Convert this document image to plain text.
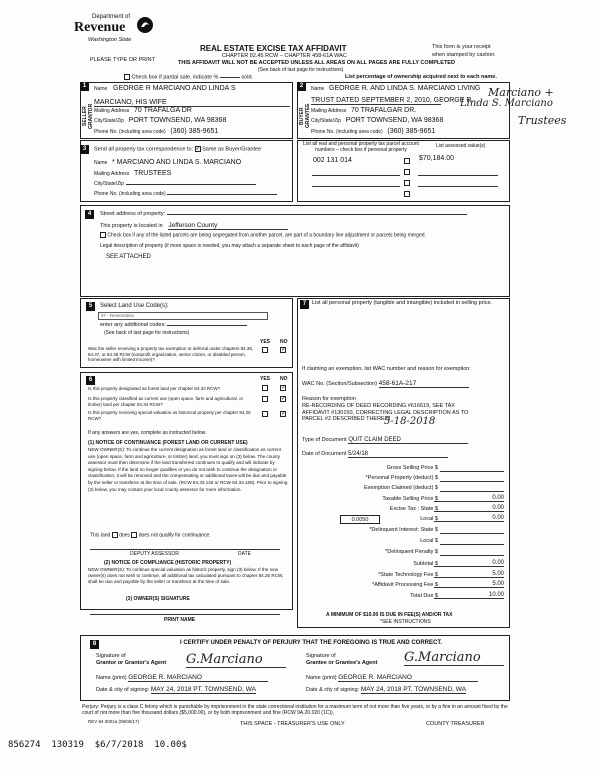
Department of
Revenue
Washington State
REAL ESTATE EXCISE TAX AFFIDAVIT
CHAPTER 82.45 RCW – CHAPTER 458-61A WAC
PLEASE TYPE OR PRINT	THIS AFFIDAVIT WILL NOT BE ACCEPTED UNLESS ALL AREAS ON ALL PAGES ARE FULLY COMPLETED
(See back of last page for instructions)
This form is your receipt
when stamped by cashier.
Check box if partial sale, indicate %	sold.	List percentage of ownership acquired next to each name.
1
SELLER GRANTOR
Name GEORGE R MARCIANO AND LINDA S
MARCIANO, HIS WIFE
Mailing Address 70 TRAFALGA DR
City/State/Zip PORT TOWNSEND, WA 98368
Phone No. (including area code) (360) 385-9651
2
BUYER GRANTEE
Name GEORGE R. AND LINDA S. MARCIANO LIVING
TRUST DATED SEPTEMBER 2, 2010, GEORGE R.
Mailing Address 70 TRAFALGAR DR.
City/State/Zip PORT TOWNSEND, WA 98368
Phone No. (including area code) (360) 385-9651
Marciano +
Linda S. Marciano
Trustees
3	Send all property tax correspondence to: ✓ Same as Buyer/Grantee
Name * MARCIANO AND LINDA S. MARCIANO
Mailing Address TRUSTEES
City/State/Zip
Phone No. (including area code)
List all real and personal property tax parcel account numbers – check box if personal property
List assessed value(s)
002 131 014	$70,184.00
4	Street address of property:
This property is located in Jefferson County
Check box if any of the listed parcels are being segregated from another parcel, are part of a boundary line adjustment or parcels being merged.
Legal description of property (if more space is needed, you may attach a separate sheet to each page of the affidavit)
SEE ATTACHED
5	Select Land Use Code(s):
97 - Reservation
enter any additional codes:
(See back of last page for instructions)
YES NO
Was the seller receiving a property tax exemption or deferral under chapters 84.36, 84.37, or 84.38 RCW (nonprofit organization, senior citizen, or disabled person, homeowner with limited income)?
✓
6	YES NO
Is this property designated as forest land per chapter 84.33 RCW?	✓
Is this property classified as current use (open space, farm and agricultural, or timber) land per chapter 84.34 RCW?
✓
Is this property receiving special valuation as historical property per chapter 84.26 RCW?
✓
If any answers are yes, complete as instructed below.
(1) NOTICE OF CONTINUANCE (FOREST LAND OR CURRENT USE)
NEW OWNER(S): To continue the current designation as forest land or classification as current use (open space, farm and agriculture, or timber) land, you must sign on (3) below. The county assessor must then determine if the land transferred continues to qualify and will indicate by signing below. If the land no longer qualifies or you do not wish to continue the designation or classification, it will be removed and the compensating or additional taxes will be due and payable by the seller or transferor at the time of sale. (RCW 84.33.140 or RCW 84.34.108). Prior to signing (3) below, you may contact your local county assessor for more information.
This land does does not qualify for continuance.
DEPUTY ASSESSOR	DATE
(2) NOTICE OF COMPLIANCE (HISTORIC PROPERTY)
NEW OWNER(S): To continue special valuation as historic property, sign (3) below. If the new owner(s) does not wish to continue, all additional tax calculated pursuant to chapter 84.26 RCW, shall be due and payable by the seller or transferor at the time of sale.
(3) OWNER(S) SIGNATURE
PRINT NAME
7	List all personal property (tangible and intangible) included in selling price.
If claiming an exemption, list WAC number and reason for exemption:
WAC No. (Section/Subsection) 458-61A-217
Reason for exemption
RE-RECORDING OF DEED RECORDING #616619, SEE TAX AFFIDAVIT #130150, CORRECTING LEGAL DESCRIPTION AS TO PARCEL #2 DESCRIBED THEREIN
5-18-2018
Type of Document QUIT CLAIM DEED
Date of Document 5/24/18
Gross Selling Price $
*Personal Property (deduct) $
Exemption Claimed (deduct) $
Taxable Selling Price $	0.00
Excise Tax : State $	0.00
0.0050	Local $	0.00
*Delinquent Interest: State $
Local $
*Delinquent Penalty $
Subtotal $	0.00
*State Technology Fee $	5.00
*Affidavit Processing Fee $	5.00
Total Due $	10.00
A MINIMUM OF $10.00 IS DUE IN FEE(S) AND/OR TAX
*SEE INSTRUCTIONS
8	I CERTIFY UNDER PENALTY OF PERJURY THAT THE FOREGOING IS TRUE AND CORRECT.
Signature of
Grantor or Grantor's Agent G.Marciano
Name (print) GEORGE R. MARCIANO
Date & city of signing: MAY 24, 2018 PT. TOWNSEND, WA
Signature of
Grantee or Grantee's Agent G.Marciano
Name (print) GEORGE R. MARCIANO
Date & city of signing: MAY 24, 2018 PT. TOWNSEND, WA
Perjury: Perjury is a class C felony which is punishable by imprisonment in the state correctional institution for a maximum term of not more than five years, or by a fine in an amount fixed by the court of not more than five thousand dollars ($5,000.00), or by both imprisonment and fine (RCW 9A.20.020 (1C)).
REV 84 0001a (09/06/17)	THIS SPACE - TREASURER'S USE ONLY	COUNTY TREASURER
856274  130319  $6/7/2018  10.00$
